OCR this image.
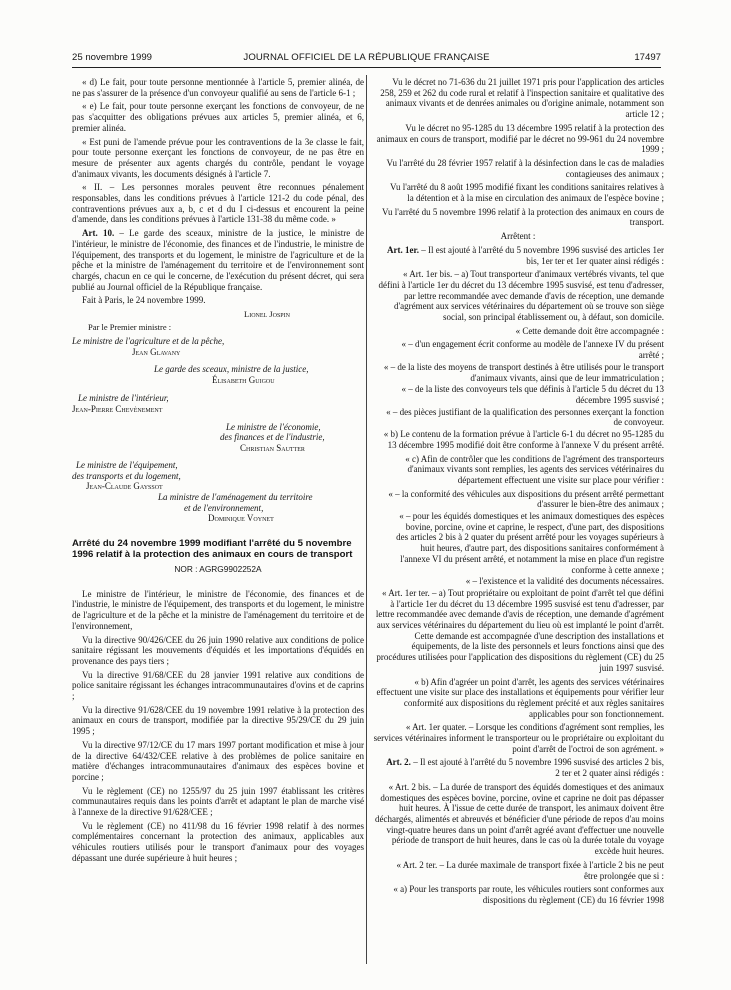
25 novembre 1999	JOURNAL OFFICIEL DE LA RÉPUBLIQUE FRANÇAISE	17497

« d) Le fait, pour toute personne mentionnée à l'article 5, premier alinéa, de ne pas s'assurer de la présence d'un convoyeur qualifié au sens de l'article 6-1 ;

« e) Le fait, pour toute personne exerçant les fonctions de convoyeur, de ne pas s'acquitter des obligations prévues aux articles 5, premier alinéa, et 6, premier alinéa.

« Est puni de l'amende prévue pour les contraventions de la 3e classe le fait, pour toute personne exerçant les fonctions de convoyeur, de ne pas être en mesure de présenter aux agents chargés du contrôle, pendant le voyage d'animaux vivants, les documents désignés à l'article 7.

« II. – Les personnes morales peuvent être reconnues pénalement responsables, dans les conditions prévues à l'article 121-2 du code pénal, des contraventions prévues aux a, b, c et d du I ci-dessus et encourent la peine d'amende, dans les conditions prévues à l'article 131-38 du même code. »

Art. 10. – Le garde des sceaux, ministre de la justice, le ministre de l'intérieur, le ministre de l'économie, des finances et de l'industrie, le ministre de l'équipement, des transports et du logement, le ministre de l'agriculture et de la pêche et la ministre de l'aménagement du territoire et de l'environnement sont chargés, chacun en ce qui le concerne, de l'exécution du présent décret, qui sera publié au Journal officiel de la République française.

Fait à Paris, le 24 novembre 1999.

Lionel Jospin
Par le Premier ministre :
Le ministre de l'agriculture et de la pêche,
Jean Glavany
Le garde des sceaux, ministre de la justice,
Élisabeth Guigou
Le ministre de l'intérieur,
Jean-Pierre Chevènement
Le ministre de l'économie,
des finances et de l'industrie,
Christian Sautter
Le ministre de l'équipement,
des transports et du logement,
Jean-Claude Gayssot
La ministre de l'aménagement du territoire
et de l'environnement,
Dominique Voynet

Arrêté du 24 novembre 1999 modifiant l'arrêté du 5 novembre 1996 relatif à la protection des animaux en cours de transport

NOR : AGRG9902252A

Le ministre de l'intérieur, le ministre de l'économie, des finances et de l'industrie, le ministre de l'équipement, des transports et du logement, le ministre de l'agriculture et de la pêche et la ministre de l'aménagement du territoire et de l'environnement,

Vu la directive 90/426/CEE du 26 juin 1990 relative aux conditions de police sanitaire régissant les mouvements d'équidés et les importations d'équidés en provenance des pays tiers ;

Vu la directive 91/68/CEE du 28 janvier 1991 relative aux conditions de police sanitaire régissant les échanges intracommunautaires d'ovins et de caprins ;

Vu la directive 91/628/CEE du 19 novembre 1991 relative à la protection des animaux en cours de transport, modifiée par la directive 95/29/CE du 29 juin 1995 ;

Vu la directive 97/12/CE du 17 mars 1997 portant modification et mise à jour de la directive 64/432/CEE relative à des problèmes de police sanitaire en matière d'échanges intracommunautaires d'animaux des espèces bovine et porcine ;

Vu le règlement (CE) no 1255/97 du 25 juin 1997 établissant les critères communautaires requis dans les points d'arrêt et adaptant le plan de marche visé à l'annexe de la directive 91/628/CEE ;

Vu le règlement (CE) no 411/98 du 16 février 1998 relatif à des normes complémentaires concernant la protection des animaux, applicables aux véhicules routiers utilisés pour le transport d'animaux pour des voyages dépassant une durée supérieure à huit heures ;

Vu le décret no 71-636 du 21 juillet 1971 pris pour l'application des articles 258, 259 et 262 du code rural et relatif à l'inspection sanitaire et qualitative des animaux vivants et de denrées animales ou d'origine animale, notamment son article 12 ;

Vu le décret no 95-1285 du 13 décembre 1995 relatif à la protection des animaux en cours de transport, modifié par le décret no 99-961 du 24 novembre 1999 ;

Vu l'arrêté du 28 février 1957 relatif à la désinfection dans le cas de maladies contagieuses des animaux ;

Vu l'arrêté du 8 août 1995 modifié fixant les conditions sanitaires relatives à la détention et à la mise en circulation des animaux de l'espèce bovine ;

Vu l'arrêté du 5 novembre 1996 relatif à la protection des animaux en cours de transport.

Arrêtent :

Art. 1er. – Il est ajouté à l'arrêté du 5 novembre 1996 susvisé des articles 1er bis, 1er ter et 1er quater ainsi rédigés :

« Art. 1er bis. – a) Tout transporteur d'animaux vertébrés vivants, tel que défini à l'article 1er du décret du 13 décembre 1995 susvisé, est tenu d'adresser, par lettre recommandée avec demande d'avis de réception, une demande d'agrément aux services vétérinaires du département où se trouve son siège social, son principal établissement ou, à défaut, son domicile.

« Cette demande doit être accompagnée :

« – d'un engagement écrit conforme au modèle de l'annexe IV du présent arrêté ;
« – de la liste des moyens de transport destinés à être utilisés pour le transport d'animaux vivants, ainsi que de leur immatriculation ;
« – de la liste des convoyeurs tels que définis à l'article 5 du décret du 13 décembre 1995 susvisé ;
« – des pièces justifiant de la qualification des personnes exerçant la fonction de convoyeur.

« b) Le contenu de la formation prévue à l'article 6-1 du décret no 95-1285 du 13 décembre 1995 modifié doit être conforme à l'annexe V du présent arrêté.

« c) Afin de contrôler que les conditions de l'agrément des transporteurs d'animaux vivants sont remplies, les agents des services vétérinaires du département effectuent une visite sur place pour vérifier :

« – la conformité des véhicules aux dispositions du présent arrêté permettant d'assurer le bien-être des animaux ;
« – pour les équidés domestiques et les animaux domestiques des espèces bovine, porcine, ovine et caprine, le respect, d'une part, des dispositions des articles 2 bis à 2 quater du présent arrêté pour les voyages supérieurs à huit heures, d'autre part, des dispositions sanitaires conformément à l'annexe VI du présent arrêté, et notamment la mise en place d'un registre conforme à cette annexe ;
« – l'existence et la validité des documents nécessaires.

« Art. 1er ter. – a) Tout propriétaire ou exploitant de point d'arrêt tel que défini à l'article 1er du décret du 13 décembre 1995 susvisé est tenu d'adresser, par lettre recommandée avec demande d'avis de réception, une demande d'agrément aux services vétérinaires du département du lieu où est implanté le point d'arrêt. Cette demande est accompagnée d'une description des installations et équipements, de la liste des personnels et leurs fonctions ainsi que des procédures utilisées pour l'application des dispositions du règlement (CE) du 25 juin 1997 susvisé.

« b) Afin d'agréer un point d'arrêt, les agents des services vétérinaires effectuent une visite sur place des installations et équipements pour vérifier leur conformité aux dispositions du règlement précité et aux règles sanitaires applicables pour son fonctionnement.

« Art. 1er quater. – Lorsque les conditions d'agrément sont remplies, les services vétérinaires informent le transporteur ou le propriétaire ou exploitant du point d'arrêt de l'octroi de son agrément. »

Art. 2. – Il est ajouté à l'arrêté du 5 novembre 1996 susvisé des articles 2 bis, 2 ter et 2 quater ainsi rédigés :

« Art. 2 bis. – La durée de transport des équidés domestiques et des animaux domestiques des espèces bovine, porcine, ovine et caprine ne doit pas dépasser huit heures. À l'issue de cette durée de transport, les animaux doivent être déchargés, alimentés et abreuvés et bénéficier d'une période de repos d'au moins vingt-quatre heures dans un point d'arrêt agréé avant d'effectuer une nouvelle période de transport de huit heures, dans le cas où la durée totale du voyage excède huit heures.

« Art. 2 ter. – La durée maximale de transport fixée à l'article 2 bis ne peut être prolongée que si :

« a) Pour les transports par route, les véhicules routiers sont conformes aux dispositions du règlement (CE) du 16 février 1998
